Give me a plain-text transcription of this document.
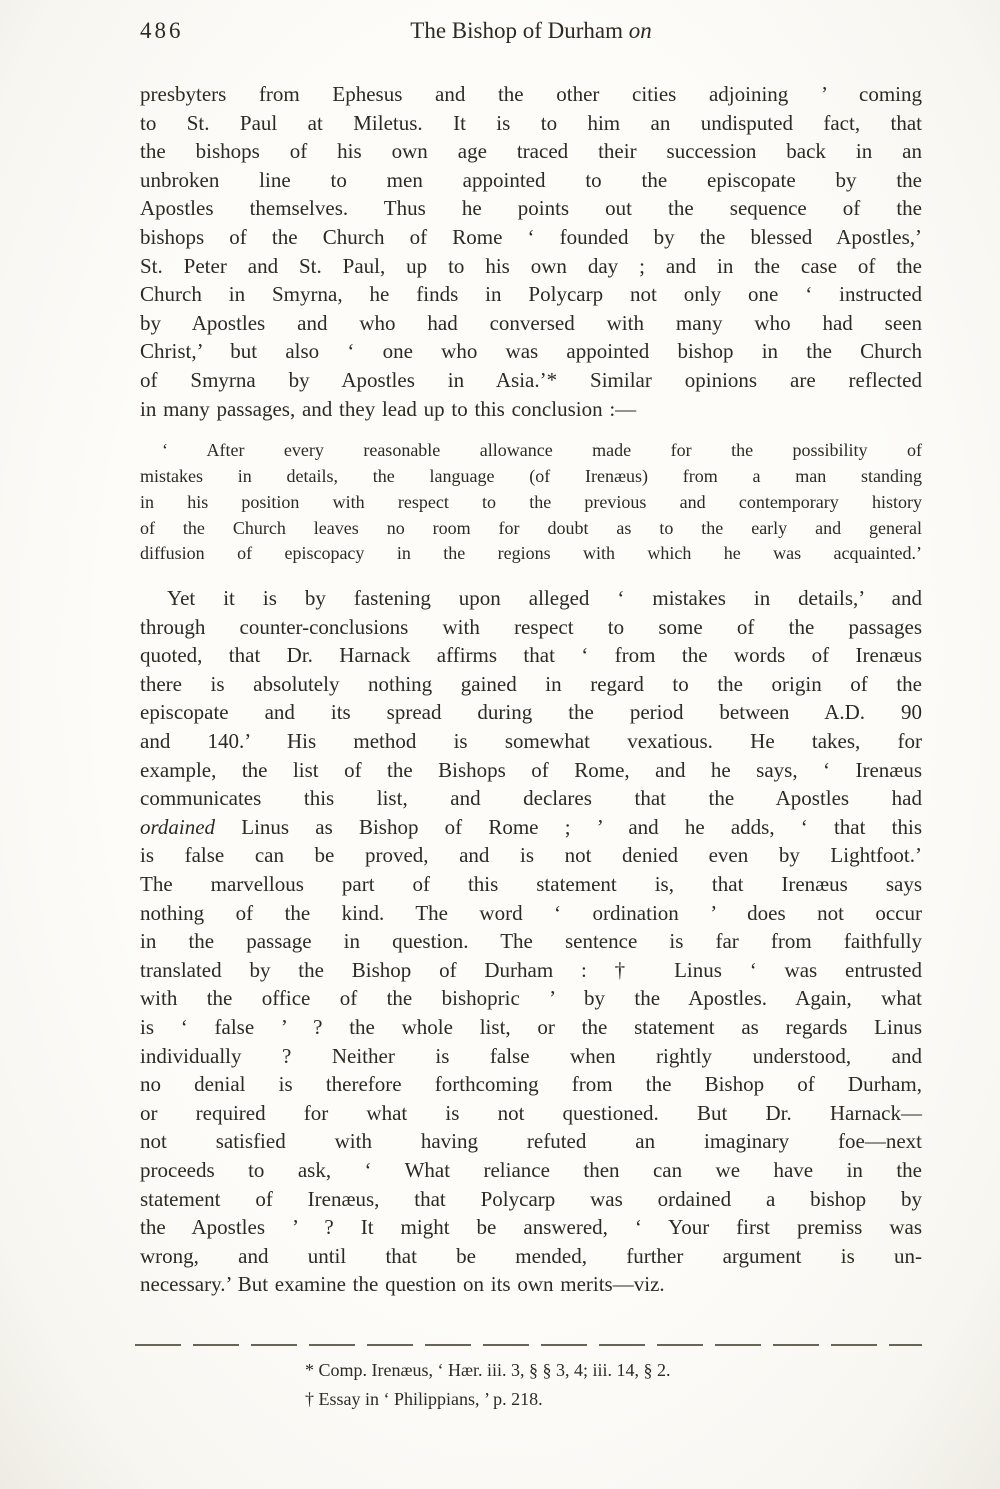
486	The Bishop of Durham on
presbyters from Ephesus and the other cities adjoining ’ coming
to St. Paul at Miletus. It is to him an undisputed fact, that
the bishops of his own age traced their succession back in an
unbroken line to men appointed to the episcopate by the
Apostles themselves. Thus he points out the sequence of the
bishops of the Church of Rome ‘ founded by the blessed Apostles,’
St. Peter and St. Paul, up to his own day ; and in the case of the
Church in Smyrna, he finds in Polycarp not only one ‘ instructed
by Apostles and who had conversed with many who had seen
Christ,’ but also ‘ one who was appointed bishop in the Church
of Smyrna by Apostles in Asia.’* Similar opinions are reflected
in many passages, and they lead up to this conclusion :—
‘ After every reasonable allowance made for the possibility of
mistakes in details, the language (of Irenæus) from a man standing
in his position with respect to the previous and contemporary history
of the Church leaves no room for doubt as to the early and general
diffusion of episcopacy in the regions with which he was acquainted.’
Yet it is by fastening upon alleged ‘ mistakes in details,’ and
through counter-conclusions with respect to some of the passages
quoted, that Dr. Harnack affirms that ‘ from the words of Irenæus
there is absolutely nothing gained in regard to the origin of the
episcopate and its spread during the period between A.D. 90
and 140.’ His method is somewhat vexatious. He takes, for
example, the list of the Bishops of Rome, and he says, ‘ Irenæus
communicates this list, and declares that the Apostles had
ordained Linus as Bishop of Rome ; ’ and he adds, ‘ that this
is false can be proved, and is not denied even by Lightfoot.’
The marvellous part of this statement is, that Irenæus says
nothing of the kind. The word ‘ ordination ’ does not occur
in the passage in question. The sentence is far from faithfully
translated by the Bishop of Durham : † Linus ‘ was entrusted
with the office of the bishopric ’ by the Apostles. Again, what
is ‘ false ’ ? the whole list, or the statement as regards Linus
individually ? Neither is false when rightly understood, and
no denial is therefore forthcoming from the Bishop of Durham,
or required for what is not questioned. But Dr. Harnack—
not satisfied with having refuted an imaginary foe—next
proceeds to ask, ‘ What reliance then can we have in the
statement of Irenæus, that Polycarp was ordained a bishop by
the Apostles ’ ? It might be answered, ‘ Your first premiss was
wrong, and until that be mended, further argument is un-
necessary.’ But examine the question on its own merits—viz.
* Comp. Irenæus, ‘ Hær. iii. 3, § § 3, 4; iii. 14, § 2.
† Essay in ‘ Philippians, ’ p. 218.
